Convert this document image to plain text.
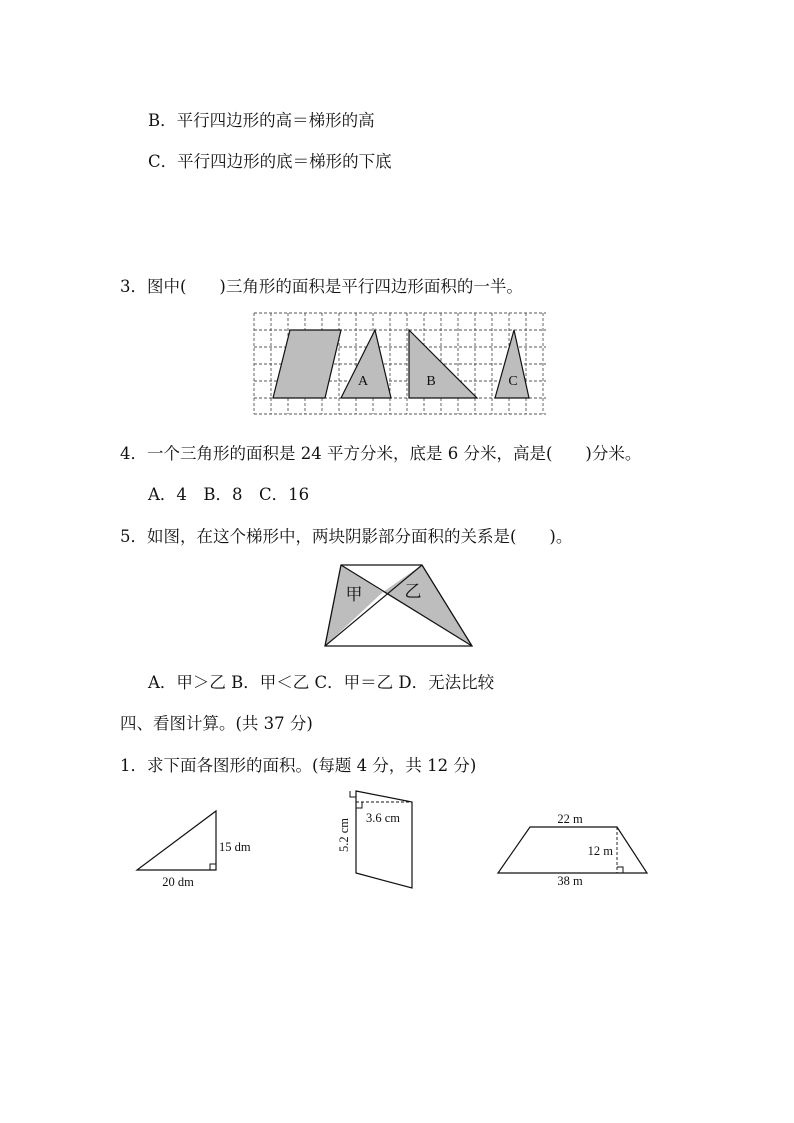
B．平行四边形的高＝梯形的高
C．平行四边形的底＝梯形的下底
3．图中(　　)三角形的面积是平行四边形面积的一半。
A	B	C
4．一个三角形的面积是 24 平方分米，底是 6 分米，高是(　　)分米。
A．4　B．8　C．16
5．如图，在这个梯形中，两块阴影部分面积的关系是(　　)。
甲 乙
A．甲＞乙 B．甲＜乙 C．甲＝乙 D．无法比较
四、看图计算。(共 37 分)
1．求下面各图形的面积。(每题 4 分，共 12 分)
15 dm
20 dm
3.6 cm
5.2 cm	22 m
12 m
38 m
